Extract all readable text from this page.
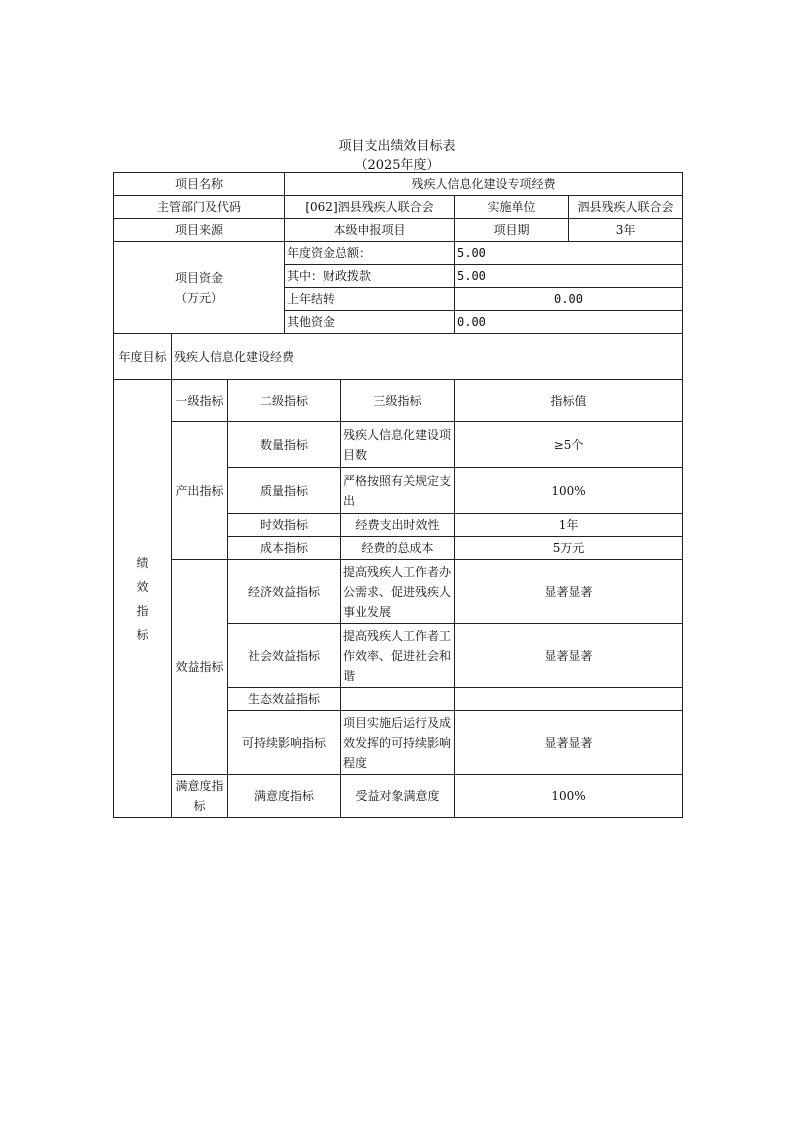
项目支出绩效目标表
（2025年度）
项目名称			残疾人信息化建设专项经费			
主管部门及代码			[062]泗县残疾人联合会		实施单位	泗县残疾人联合会
项目来源			本级申报项目		项目期	3年

项目资金
（万元）			年度资金总额：		5.00	
			其中：财政拨款		5.00	
			上年结转		0.00	
			其他资金		0.00	
年度目标	残疾人信息化建设经费					

绩效指标	一级指标	二级指标		三级指标	指标值	
	产出指标	数量指标		残疾人信息化建设项目数	≥5个	
		质量指标		严格按照有关规定支出	100%	
		时效指标		经费支出时效性	1年	
		成本指标		经费的总成本	5万元	
	效益指标	经济效益指标		提高残疾人工作者办公需求、促进残疾人事业发展	显著显著	
		社会效益指标		提高残疾人工作者工作效率、促进社会和谐	显著显著	
		生态效益指标				
		可持续影响指标		项目实施后运行及成效发挥的可持续影响程度	显著显著	
	满意度指标	满意度指标		受益对象满意度	100%	
